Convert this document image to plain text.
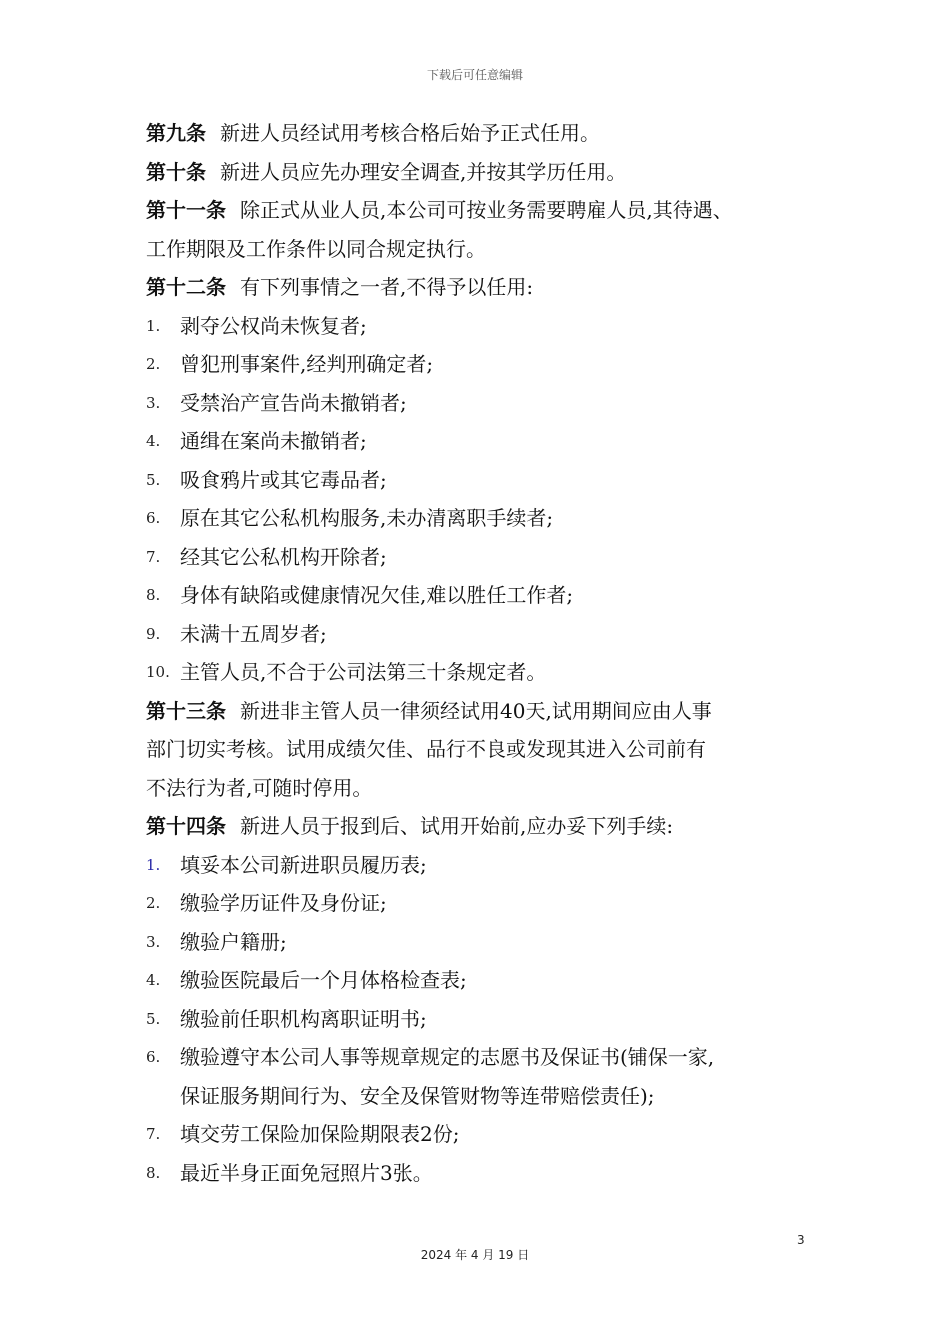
下载后可任意编辑
第九条 新进人员经试用考核合格后始予正式任用。
第十条 新进人员应先办理安全调查,并按其学历任用。
第十一条 除正式从业人员,本公司可按业务需要聘雇人员,其待遇、
工作期限及工作条件以同合规定执行。
第十二条 有下列事情之一者,不得予以任用:
1. 剥夺公权尚未恢复者;
2. 曾犯刑事案件,经判刑确定者;
3. 受禁治产宣告尚未撤销者;
4. 通缉在案尚未撤销者;
5. 吸食鸦片或其它毒品者;
6. 原在其它公私机构服务,未办清离职手续者;
7. 经其它公私机构开除者;
8. 身体有缺陷或健康情况欠佳,难以胜任工作者;
9. 未满十五周岁者;
10. 主管人员,不合于公司法第三十条规定者。
第十三条 新进非主管人员一律须经试用40天,试用期间应由人事
部门切实考核。试用成绩欠佳、品行不良或发现其进入公司前有
不法行为者,可随时停用。
第十四条 新进人员于报到后、试用开始前,应办妥下列手续:
1. 填妥本公司新进职员履历表;
2. 缴验学历证件及身份证;
3. 缴验户籍册;
4. 缴验医院最后一个月体格检查表;
5. 缴验前任职机构离职证明书;
6. 缴验遵守本公司人事等规章规定的志愿书及保证书(铺保一家,
保证服务期间行为、安全及保管财物等连带赔偿责任);
7. 填交劳工保险加保险期限表2份;
8. 最近半身正面免冠照片3张。
3
2024 年 4 月 19 日
